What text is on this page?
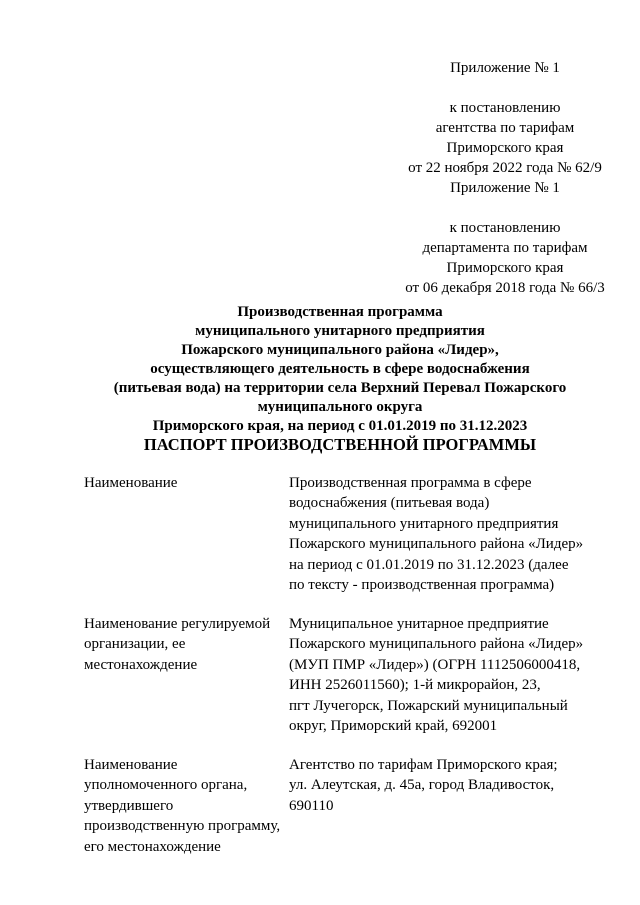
Приложение № 1
к постановлению
агентства по тарифам
Приморского края
от 22 ноября 2022 года № 62/9
Приложение № 1
к постановлению
департамента по тарифам
Приморского края
от 06 декабря 2018 года № 66/3
Производственная программа
муниципального унитарного предприятия
Пожарского муниципального района «Лидер»,
осуществляющего деятельность в сфере водоснабжения
(питьевая вода) на территории села Верхний Перевал Пожарского
муниципального округа
Приморского края, на период с 01.01.2019 по 31.12.2023
ПАСПОРТ ПРОИЗВОДСТВЕННОЙ ПРОГРАММЫ
Наименование	Производственная программа в сфере
водоснабжения (питьевая вода)
муниципального унитарного предприятия
Пожарского муниципального района «Лидер»
на период с 01.01.2019 по 31.12.2023 (далее
по тексту - производственная программа)
Наименование регулируемой
организации, ее
местонахождение
Муниципальное унитарное предприятие
Пожарского муниципального района «Лидер»
(МУП ПМР «Лидер») (ОГРН 1112506000418,
ИНН 2526011560); 1-й микрорайон, 23,
пгт Лучегорск, Пожарский муниципальный
округ, Приморский край, 692001
Наименование
уполномоченного органа,
утвердившего
производственную программу,
его местонахождение
Агентство по тарифам Приморского края;
ул. Алеутская, д. 45а, город Владивосток,
690110
